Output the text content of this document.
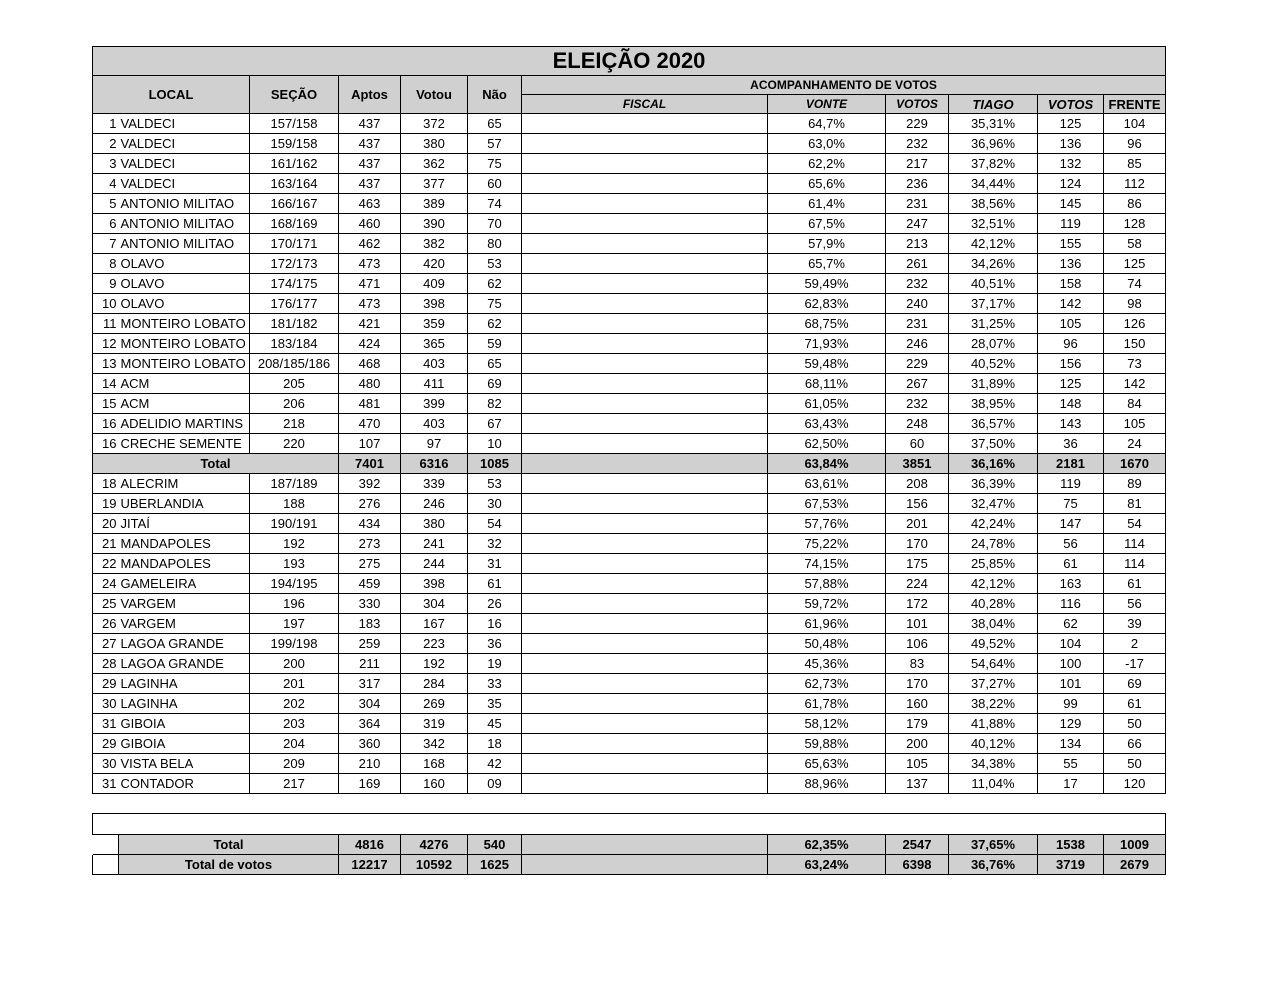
ELEIÇÃO 2020											
LOCAL		SEÇÃO	Aptos	Votou	Não	ACOMPANHAMENTO DE VOTOS					
						FISCAL	VONTE	VOTOS	TIAGO	VOTOS	FRENTE
1	VALDECI	157/158	437	372	65		64,7%	229	35,31%	125	104
2	VALDECI	159/158	437	380	57		63,0%	232	36,96%	136	96
3	VALDECI	161/162	437	362	75		62,2%	217	37,82%	132	85
4	VALDECI	163/164	437	377	60		65,6%	236	34,44%	124	112
5	ANTONIO MILITAO	166/167	463	389	74		61,4%	231	38,56%	145	86
6	ANTONIO MILITAO	168/169	460	390	70		67,5%	247	32,51%	119	128
7	ANTONIO MILITAO	170/171	462	382	80		57,9%	213	42,12%	155	58
8	OLAVO	172/173	473	420	53		65,7%	261	34,26%	136	125
9	OLAVO	174/175	471	409	62		59,49%	232	40,51%	158	74
10	OLAVO	176/177	473	398	75		62,83%	240	37,17%	142	98
11	MONTEIRO LOBATO	181/182	421	359	62		68,75%	231	31,25%	105	126
12	MONTEIRO LOBATO	183/184	424	365	59		71,93%	246	28,07%	96	150
13	MONTEIRO LOBATO	208/185/186	468	403	65		59,48%	229	40,52%	156	73
14	ACM	205	480	411	69		68,11%	267	31,89%	125	142
15	ACM	206	481	399	82		61,05%	232	38,95%	148	84
16	ADELIDIO MARTINS	218	470	403	67		63,43%	248	36,57%	143	105
16	CRECHE SEMENTE	220	107	97	10		62,50%	60	37,50%	36	24
Total			7401	6316	1085		63,84%	3851	36,16%	2181	1670
18	ALECRIM	187/189	392	339	53		63,61%	208	36,39%	119	89
19	UBERLANDIA	188	276	246	30		67,53%	156	32,47%	75	81
20	JITAÍ	190/191	434	380	54		57,76%	201	42,24%	147	54
21	MANDAPOLES	192	273	241	32		75,22%	170	24,78%	56	114
22	MANDAPOLES	193	275	244	31		74,15%	175	25,85%	61	114
24	GAMELEIRA	194/195	459	398	61		57,88%	224	42,12%	163	61
25	VARGEM	196	330	304	26		59,72%	172	40,28%	116	56
26	VARGEM	197	183	167	16		61,96%	101	38,04%	62	39
27	LAGOA GRANDE	199/198	259	223	36		50,48%	106	49,52%	104	2
28	LAGOA GRANDE	200	211	192	19		45,36%	83	54,64%	100	-17
29	LAGINHA	201	317	284	33		62,73%	170	37,27%	101	69
30	LAGINHA	202	304	269	35		61,78%	160	38,22%	99	61
31	GIBOIA	203	364	319	45		58,12%	179	41,88%	129	50
29	GIBOIA	204	360	342	18		59,88%	200	40,12%	134	66
30	VISTA BELA	209	210	168	42		65,63%	105	34,38%	55	50
31	CONTADOR	217	169	160	09		88,96%	137	11,04%	17	120
	Total	4816	4276	540		62,35%	2547	37,65%	1538	1009
	Total de votos	12217	10592	1625		63,24%	6398	36,76%	3719	2679
